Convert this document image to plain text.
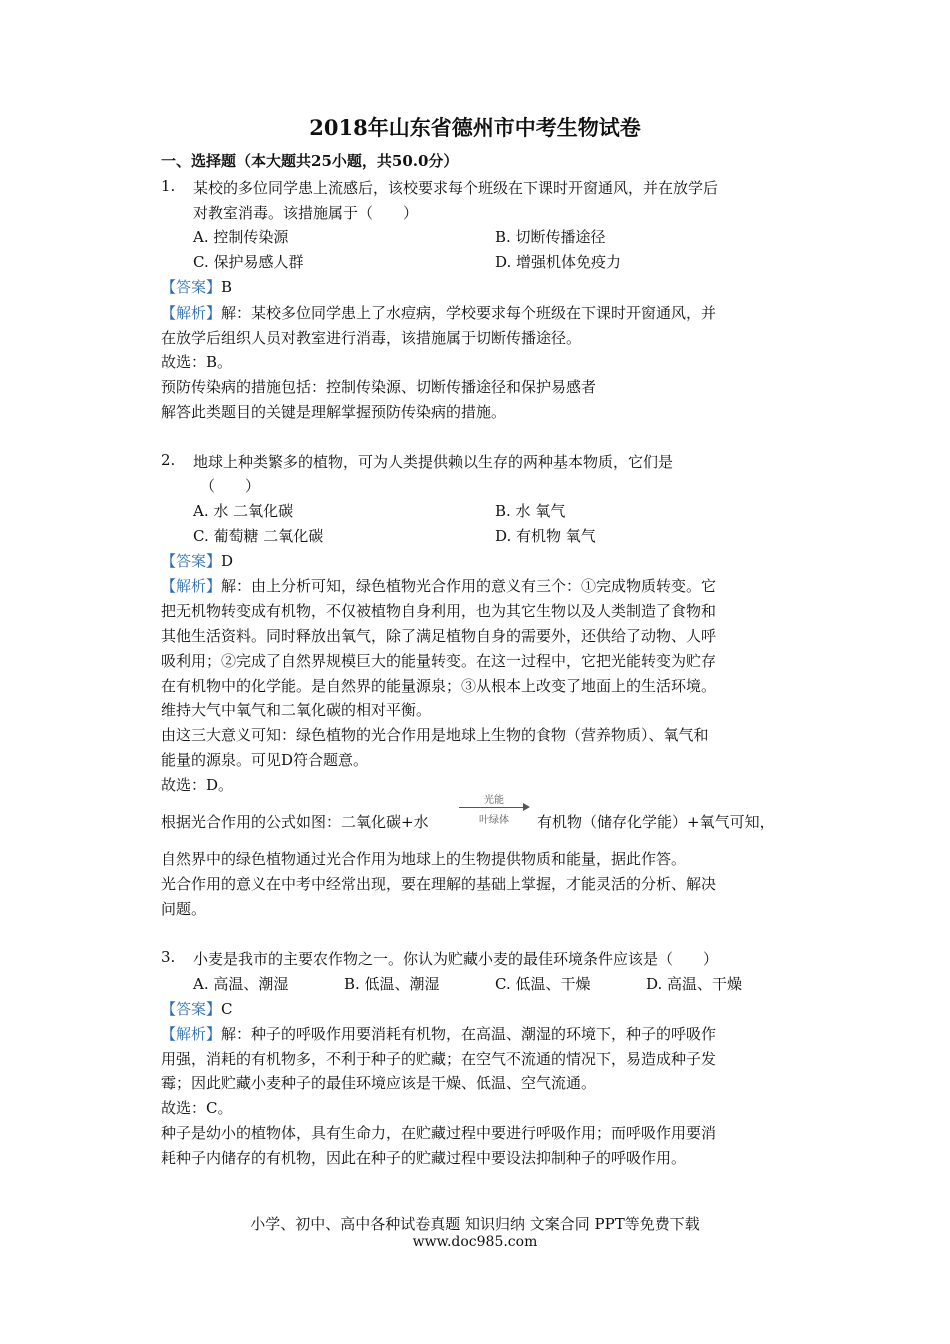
2018年山东省德州市中考生物试卷
一、选择题（本大题共25小题，共50.0分）
1. 某校的多位同学患上流感后，该校要求每个班级在下课时开窗通风，并在放学后
对教室消毒。该措施属于（　　）
A. 控制传染源	B. 切断传播途径
C. 保护易感人群	D. 增强机体免疫力
【答案】B
【解析】解：某校多位同学患上了水痘病，学校要求每个班级在下课时开窗通风，并
在放学后组织人员对教室进行消毒，该措施属于切断传播途径。
故选：B。
预防传染病的措施包括：控制传染源、切断传播途径和保护易感者
解答此类题目的关键是理解掌握预防传染病的措施。
2. 地球上种类繁多的植物，可为人类提供赖以生存的两种基本物质，它们是
（　　）
A. 水 二氧化碳	B. 水 氧气
C. 葡萄糖 二氧化碳	D. 有机物 氧气
【答案】D
【解析】解：由上分析可知，绿色植物光合作用的意义有三个：①完成物质转变。它
把无机物转变成有机物，不仅被植物自身利用，也为其它生物以及人类制造了食物和
其他生活资料。同时释放出氧气，除了满足植物自身的需要外，还供给了动物、人呼
吸利用；②完成了自然界规模巨大的能量转变。在这一过程中，它把光能转变为贮存
在有机物中的化学能。是自然界的能量源泉；③从根本上改变了地面上的生活环境。
维持大气中氧气和二氧化碳的相对平衡。
由这三大意义可知：绿色植物的光合作用是地球上生物的食物（营养物质）、氧气和
能量的源泉。可见D符合题意。
故选：D。
根据光合作用的公式如图：二氧化碳+水
光能
叶绿体	有机物（储存化学能）+氧气可知，
自然界中的绿色植物通过光合作用为地球上的生物提供物质和能量，据此作答。
光合作用的意义在中考中经常出现，要在理解的基础上掌握，才能灵活的分析、解决
问题。
3. 小麦是我市的主要农作物之一。你认为贮藏小麦的最佳环境条件应该是（　　）
A. 高温、潮湿	B. 低温、潮湿	C. 低温、干燥	D. 高温、干燥
【答案】C
【解析】解：种子的呼吸作用要消耗有机物，在高温、潮湿的环境下，种子的呼吸作
用强，消耗的有机物多，不利于种子的贮藏；在空气不流通的情况下，易造成种子发
霉；因此贮藏小麦种子的最佳环境应该是干燥、低温、空气流通。
故选：C。
种子是幼小的植物体，具有生命力，在贮藏过程中要进行呼吸作用；而呼吸作用要消
耗种子内储存的有机物，因此在种子的贮藏过程中要设法抑制种子的呼吸作用。
小学、初中、高中各种试卷真题 知识归纳 文案合同 PPT等免费下载
www.doc985.com
